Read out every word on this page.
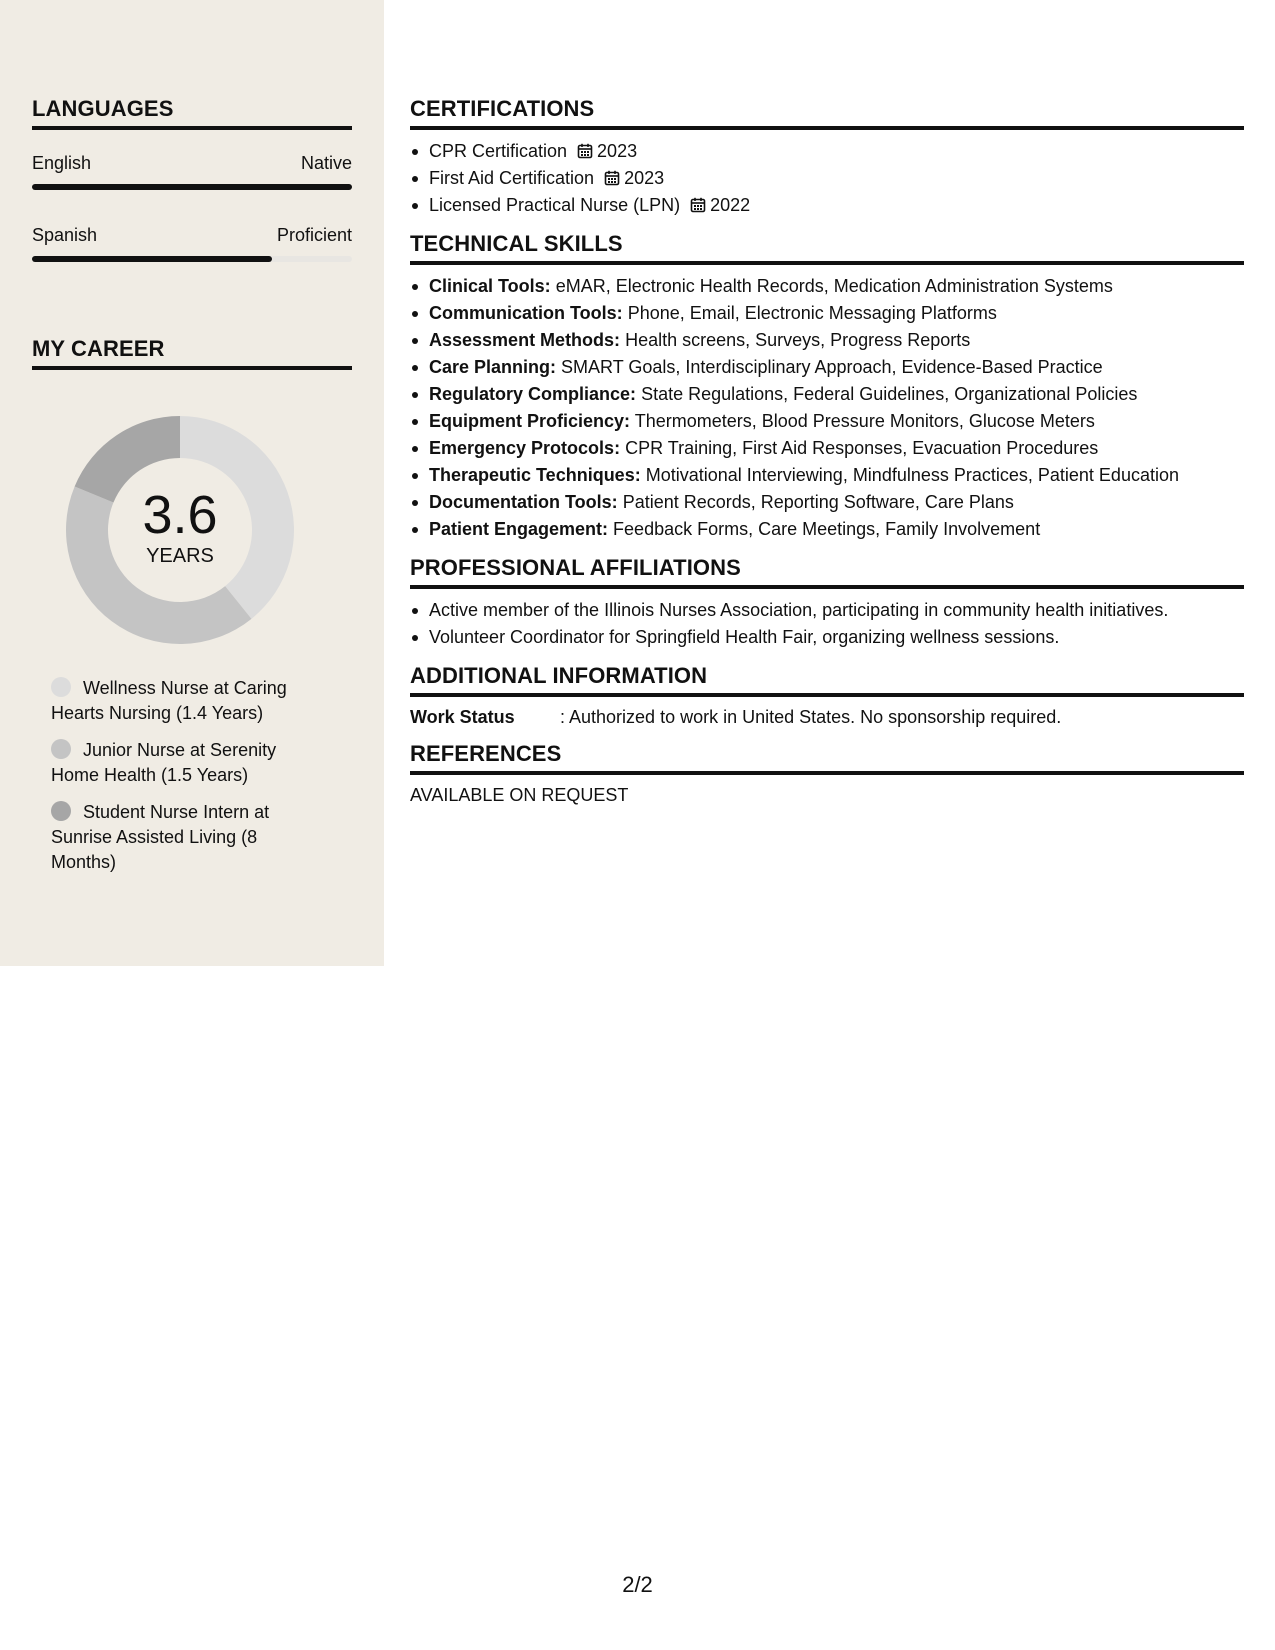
LANGUAGES
English	Native
Spanish	Proficient
MY CAREER
3.6
YEARS
Wellness Nurse at Caring Hearts Nursing (1.4 Years)
Junior Nurse at Serenity Home Health (1.5 Years)
Student Nurse Intern at Sunrise Assisted Living (8 Months)
CERTIFICATIONS
CPR Certification 2023
First Aid Certification 2023
Licensed Practical Nurse (LPN) 2022
TECHNICAL SKILLS
Clinical Tools: eMAR, Electronic Health Records, Medication Administration Systems
Communication Tools: Phone, Email, Electronic Messaging Platforms
Assessment Methods: Health screens, Surveys, Progress Reports
Care Planning: SMART Goals, Interdisciplinary Approach, Evidence-Based Practice
Regulatory Compliance: State Regulations, Federal Guidelines, Organizational Policies
Equipment Proficiency: Thermometers, Blood Pressure Monitors, Glucose Meters
Emergency Protocols: CPR Training, First Aid Responses, Evacuation Procedures
Therapeutic Techniques: Motivational Interviewing, Mindfulness Practices, Patient Education
Documentation Tools: Patient Records, Reporting Software, Care Plans
Patient Engagement: Feedback Forms, Care Meetings, Family Involvement
PROFESSIONAL AFFILIATIONS
Active member of the Illinois Nurses Association, participating in community health initiatives.
Volunteer Coordinator for Springfield Health Fair, organizing wellness sessions.
ADDITIONAL INFORMATION
Work Status	: Authorized to work in United States. No sponsorship required.
REFERENCES
AVAILABLE ON REQUEST
2/2
